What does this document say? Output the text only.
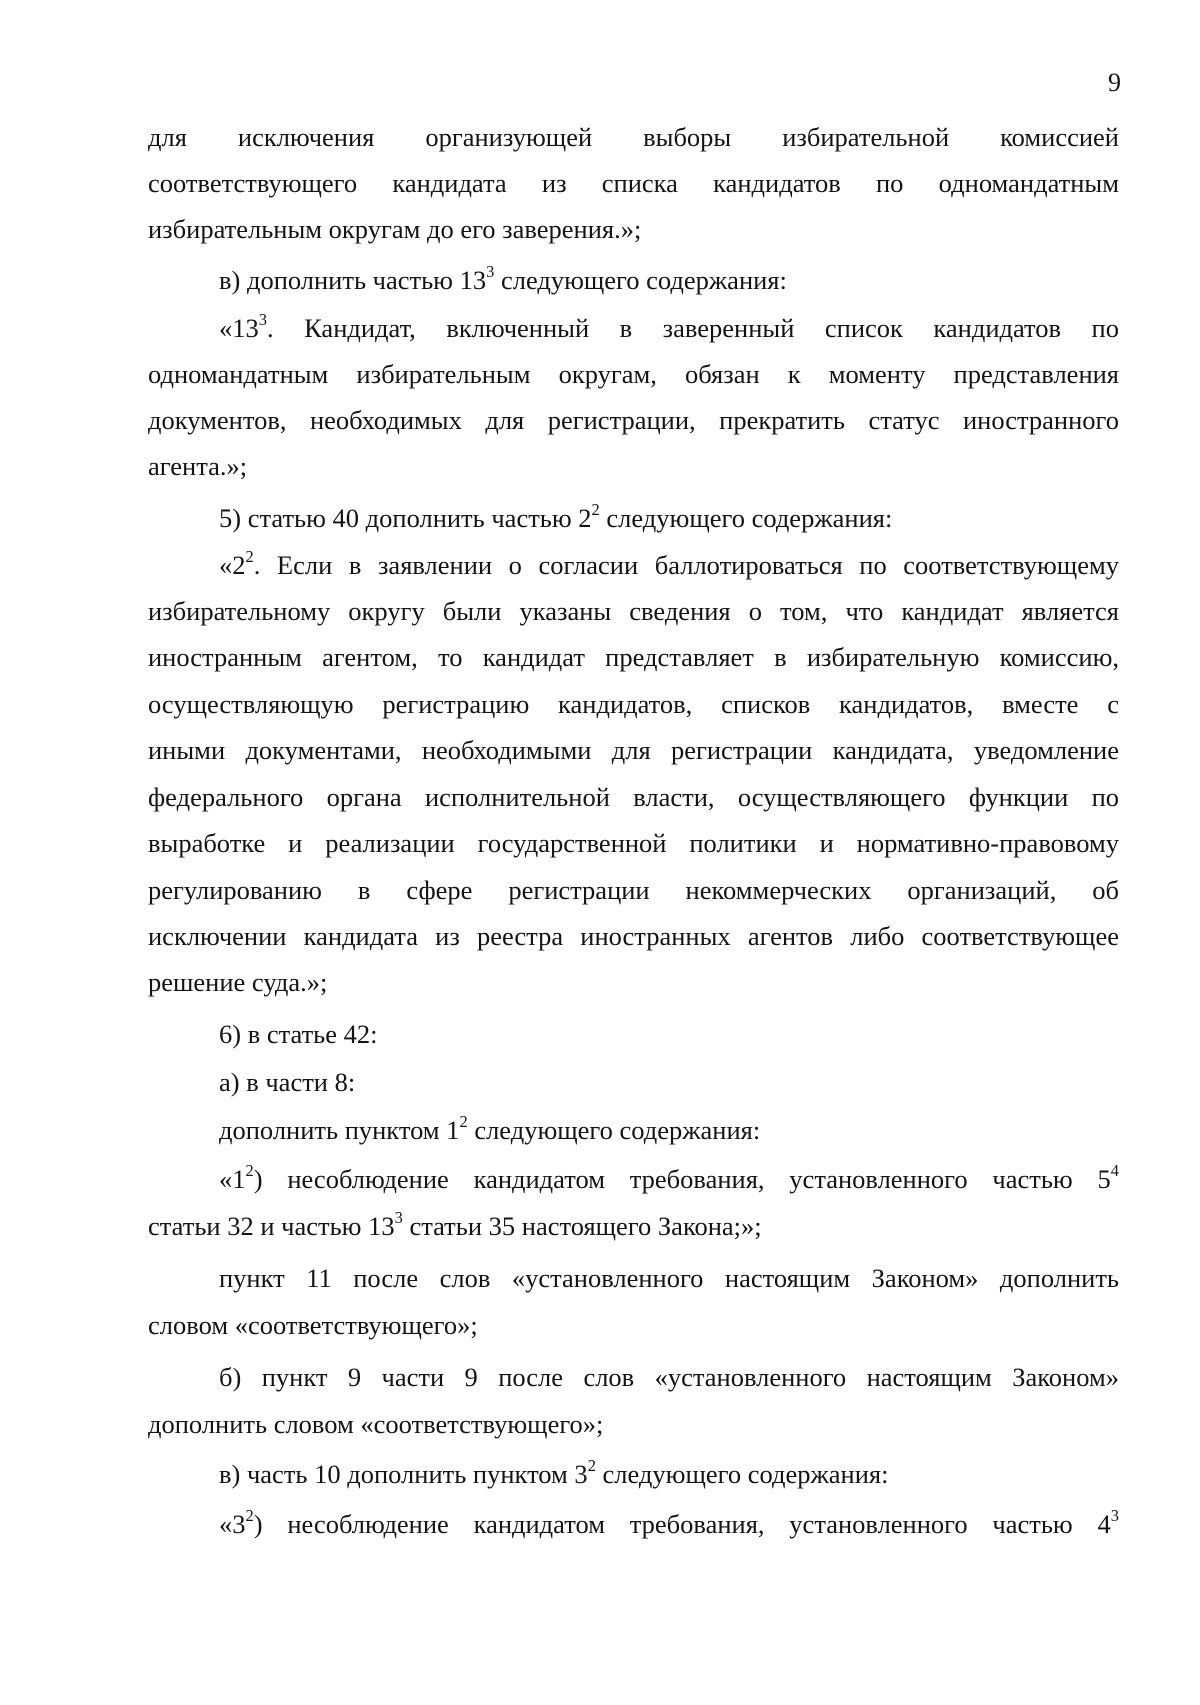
9
для исключения организующей выборы избирательной комиссией
соответствующего кандидата из списка кандидатов по одномандатным
избирательным округам до его заверения.»;
в) дополнить частью $13^3$ следующего содержания:
«$13^3$. Кандидат, включенный в заверенный список кандидатов по
одномандатным избирательным округам, обязан к моменту представления
документов, необходимых для регистрации, прекратить статус иностранного
агента.»;
5) статью 40 дополнить частью $2^2$ следующего содержания:
«$2^2$. Если в заявлении о согласии баллотироваться по соответствующему
избирательному округу были указаны сведения о том, что кандидат является
иностранным агентом, то кандидат представляет в избирательную комиссию,
осуществляющую регистрацию кандидатов, списков кандидатов, вместе с
иными документами, необходимыми для регистрации кандидата, уведомление
федерального органа исполнительной власти, осуществляющего функции по
выработке и реализации государственной политики и нормативно-правовому
регулированию в сфере регистрации некоммерческих организаций, об
исключении кандидата из реестра иностранных агентов либо соответствующее
решение суда.»;
6) в статье 42:
а) в части 8:
дополнить пунктом $1^2$ следующего содержания:
«$1^2$) несоблюдение кандидатом требования, установленного частью $5^4$
статьи 32 и частью $13^3$ статьи 35 настоящего Закона;»;
пункт 11 после слов «установленного настоящим Законом» дополнить
словом «соответствующего»;
б) пункт 9 части 9 после слов «установленного настоящим Законом»
дополнить словом «соответствующего»;
в) часть 10 дополнить пунктом $3^2$ следующего содержания:
«$3^2$) несоблюдение кандидатом требования, установленного частью $4^3$
